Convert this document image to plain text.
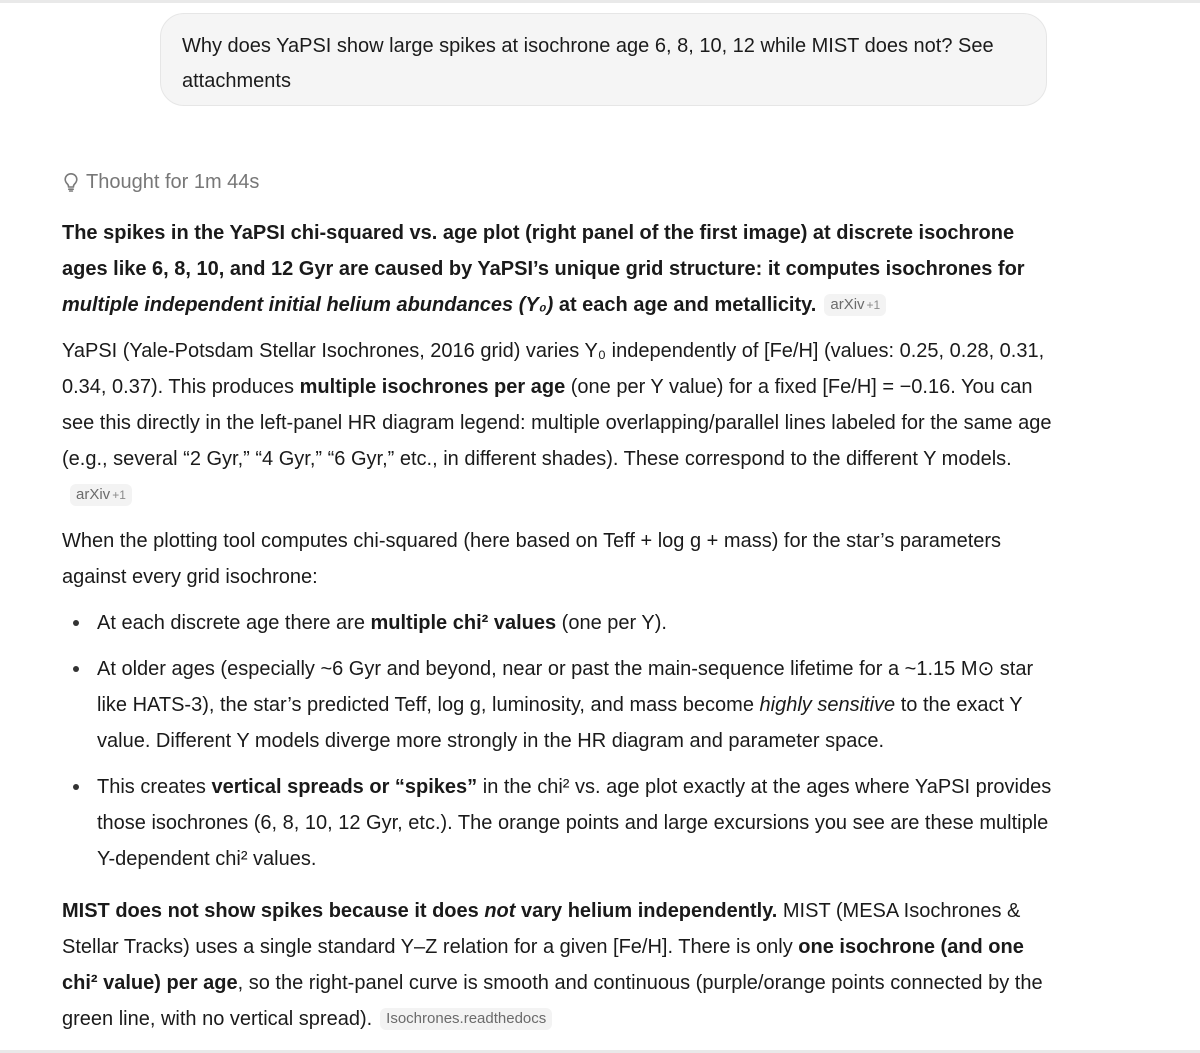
Why does YaPSI show large spikes at isochrone age 6, 8, 10, 12 while MIST does not? See attachments
Thought for 1m 44s

The spikes in the YaPSI chi-squared vs. age plot (right panel of the first image) at discrete isochrone ages like 6, 8, 10, and 12 Gyr are caused by YaPSI’s unique grid structure: it computes isochrones for multiple independent initial helium abundances (Y₀) at each age and metallicity. arXiv +1

YaPSI (Yale-Potsdam Stellar Isochrones, 2016 grid) varies Y₀ independently of [Fe/H] (values: 0.25, 0.28, 0.31, 0.34, 0.37). This produces multiple isochrones per age (one per Y value) for a fixed [Fe/H] = −0.16. You can see this directly in the left-panel HR diagram legend: multiple overlapping/parallel lines labeled for the same age (e.g., several “2 Gyr,” “4 Gyr,” “6 Gyr,” etc., in different shades). These correspond to the different Y models.arXiv +1

When the plotting tool computes chi-squared (here based on Teff + log g + mass) for the star’s parameters against every grid isochrone:

At each discrete age there are multiple chi² values (one per Y).
At older ages (especially ~6 Gyr and beyond, near or past the main-sequence lifetime for a ~1.15 M⊙ star like HATS-3), the star’s predicted Teff, log g, luminosity, and mass become highly sensitive to the exact Y value. Different Y models diverge more strongly in the HR diagram and parameter space.
This creates vertical spreads or “spikes” in the chi² vs. age plot exactly at the ages where YaPSI provides those isochrones (6, 8, 10, 12 Gyr, etc.). The orange points and large excursions you see are these multiple Y-dependent chi² values.

MIST does not show spikes because it does not vary helium independently. MIST (MESA Isochrones & Stellar Tracks) uses a single standard Y–Z relation for a given [Fe/H]. There is only one isochrone (and one chi² value) per age, so the right-panel curve is smooth and continuous (purple/orange points connected by the green line, with no vertical spread). Isochrones.readthedocs
